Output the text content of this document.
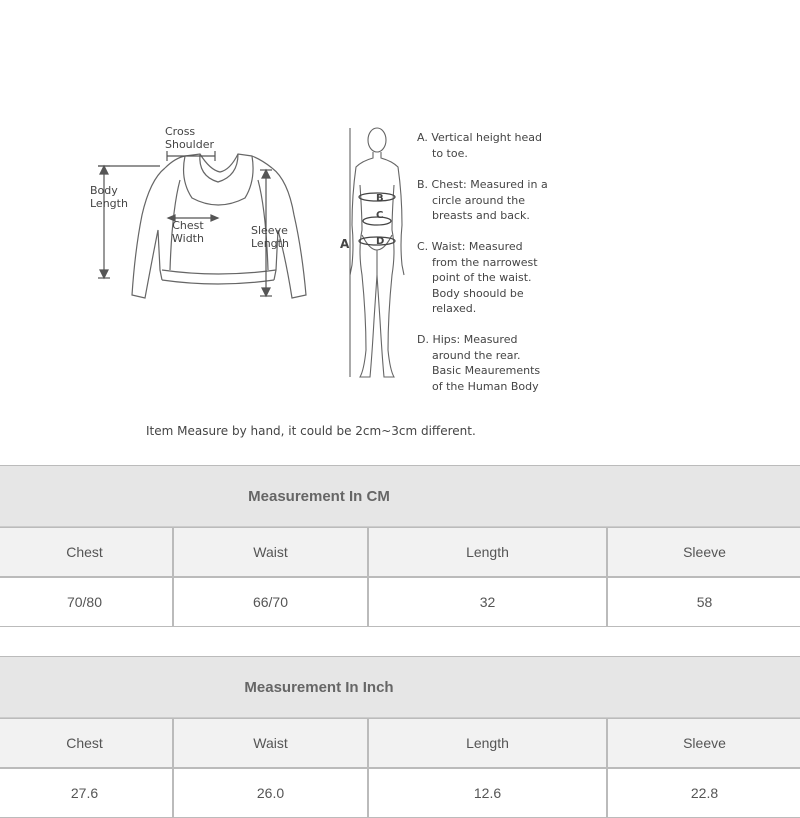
Cross
Shoulder
Body
Length
Chest
Width
Sleeve
Length	A
B
C
D
A. Vertical height head
to toe.
B. Chest: Measured in a
circle around the
breasts and back.
C. Waist: Measured
from the narrowest
point of the waist.
Body shoould be
relaxed.
D. Hips: Measured
around the rear.
Basic Meaurements
of the Human Body
Item Measure by hand, it could be 2cm~3cm different.
Measurement In CM			
Chest	Waist	Length	Sleeve
70/80	66/70	32	58
Measurement In Inch			
Chest	Waist	Length	Sleeve
27.6	26.0	12.6	22.8
